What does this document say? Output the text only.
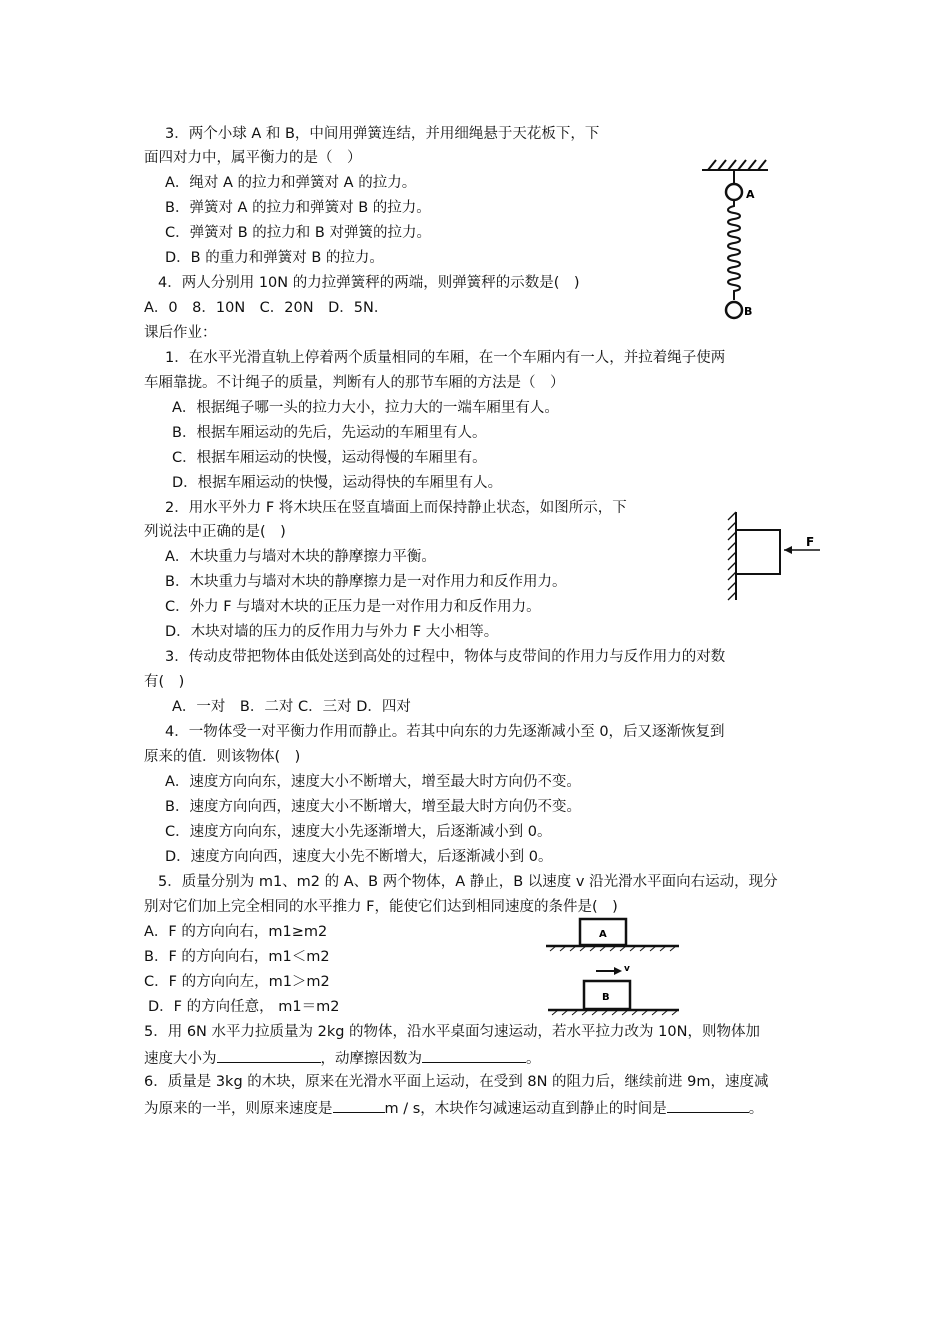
3．两个小球 A 和 B，中间用弹簧连结，并用细绳悬于天花板下，下
面四对力中，属平衡力的是（　）
A．绳对 A 的拉力和弹簧对 A 的拉力。
B．弹簧对 A 的拉力和弹簧对 B 的拉力。
C．弹簧对 B 的拉力和 B 对弹簧的拉力。
D．B 的重力和弹簧对 B 的拉力。
4．两人分别用 10N 的力拉弹簧秤的两端，则弹簧秤的示数是(　)
A．0　8．10N　C．20N　D．5N．
课后作业：
1．在水平光滑直轨上停着两个质量相同的车厢，在一个车厢内有一人，并拉着绳子使两
车厢靠拢。不计绳子的质量，判断有人的那节车厢的方法是（　）
A．根据绳子哪一头的拉力大小，拉力大的一端车厢里有人。
B．根据车厢运动的先后，先运动的车厢里有人。
C．根据车厢运动的快慢，运动得慢的车厢里有。
D．根据车厢运动的快慢，运动得快的车厢里有人。
2．用水平外力 F 将木块压在竖直墙面上而保持静止状态，如图所示，下
列说法中正确的是(　)
A．木块重力与墙对木块的静摩擦力平衡。
B．木块重力与墙对木块的静摩擦力是一对作用力和反作用力。
C．外力 F 与墙对木块的正压力是一对作用力和反作用力。
D．木块对墙的压力的反作用力与外力 F 大小相等。
3．传动皮带把物体由低处送到高处的过程中，物体与皮带间的作用力与反作用力的对数
有(　)
A．一对　B．二对 C．三对 D．四对
4．一物体受一对平衡力作用而静止。若其中向东的力先逐渐减小至 0，后又逐渐恢复到
原来的值．则该物体(　)
A．速度方向向东，速度大小不断增大，增至最大时方向仍不变。
B．速度方向向西，速度大小不断增大，增至最大时方向仍不变。
C．速度方向向东，速度大小先逐渐增大，后逐渐减小到 0。
D．速度方向向西，速度大小先不断增大，后逐渐减小到 0。
5．质量分别为 m1、m2 的 A、B 两个物体，A 静止，B 以速度 v 沿光滑水平面向右运动，现分
别对它们加上完全相同的水平推力 F，能使它们达到相同速度的条件是(　)
A．F 的方向向右，m1≥m2
B．F 的方向向右，m1＜m2
C．F 的方向向左，m1＞m2
D．F 的方向任意， m1＝m2
5．用 6N 水平力拉质量为 2kg 的物体，沿水平桌面匀速运动，若水平拉力改为 10N，则物体加
速度大小为	，动摩擦因数为	。
6．质量是 3kg 的木块，原来在光滑水平面上运动，在受到 8N 的阻力后，继续前进 9m，速度减
为原来的一半，则原来速度是	m / s，木块作匀减速运动直到静止的时间是	。
A
B
F
A
v
B
